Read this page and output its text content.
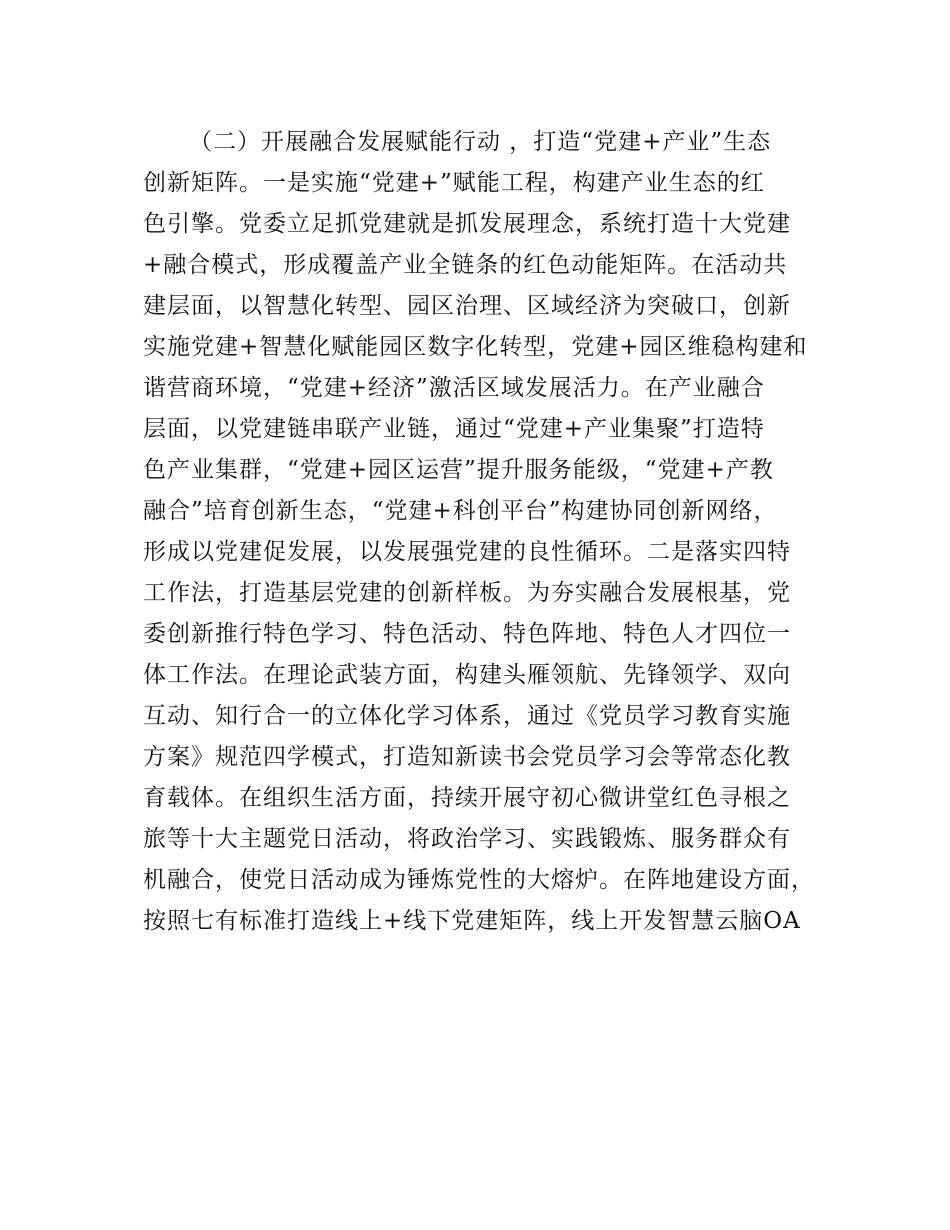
（二）开展融合发展赋能行动 ，打造“党建+产业”生态
创新矩阵。一是实施“党建+”赋能工程，构建产业生态的红
色引擎。党委立足抓党建就是抓发展理念，系统打造十大党建
+融合模式，形成覆盖产业全链条的红色动能矩阵。在活动共
建层面，以智慧化转型、园区治理、区域经济为突破口，创新
实施党建+智慧化赋能园区数字化转型，党建+园区维稳构建和
谐营商环境，“党建+经济”激活区域发展活力。在产业融合
层面，以党建链串联产业链，通过“党建+产业集聚”打造特
色产业集群，“党建+园区运营”提升服务能级，“党建+产教
融合”培育创新生态，“党建+科创平台”构建协同创新网络，
形成以党建促发展，以发展强党建的良性循环。二是落实四特
工作法，打造基层党建的创新样板。为夯实融合发展根基，党
委创新推行特色学习、特色活动、特色阵地、特色人才四位一
体工作法。在理论武装方面，构建头雁领航、先锋领学、双向
互动、知行合一的立体化学习体系，通过《党员学习教育实施
方案》规范四学模式，打造知新读书会党员学习会等常态化教
育载体。在组织生活方面，持续开展守初心微讲堂红色寻根之
旅等十大主题党日活动，将政治学习、实践锻炼、服务群众有
机融合，使党日活动成为锤炼党性的大熔炉。在阵地建设方面，
按照七有标准打造线上+线下党建矩阵，线上开发智慧云脑OA
